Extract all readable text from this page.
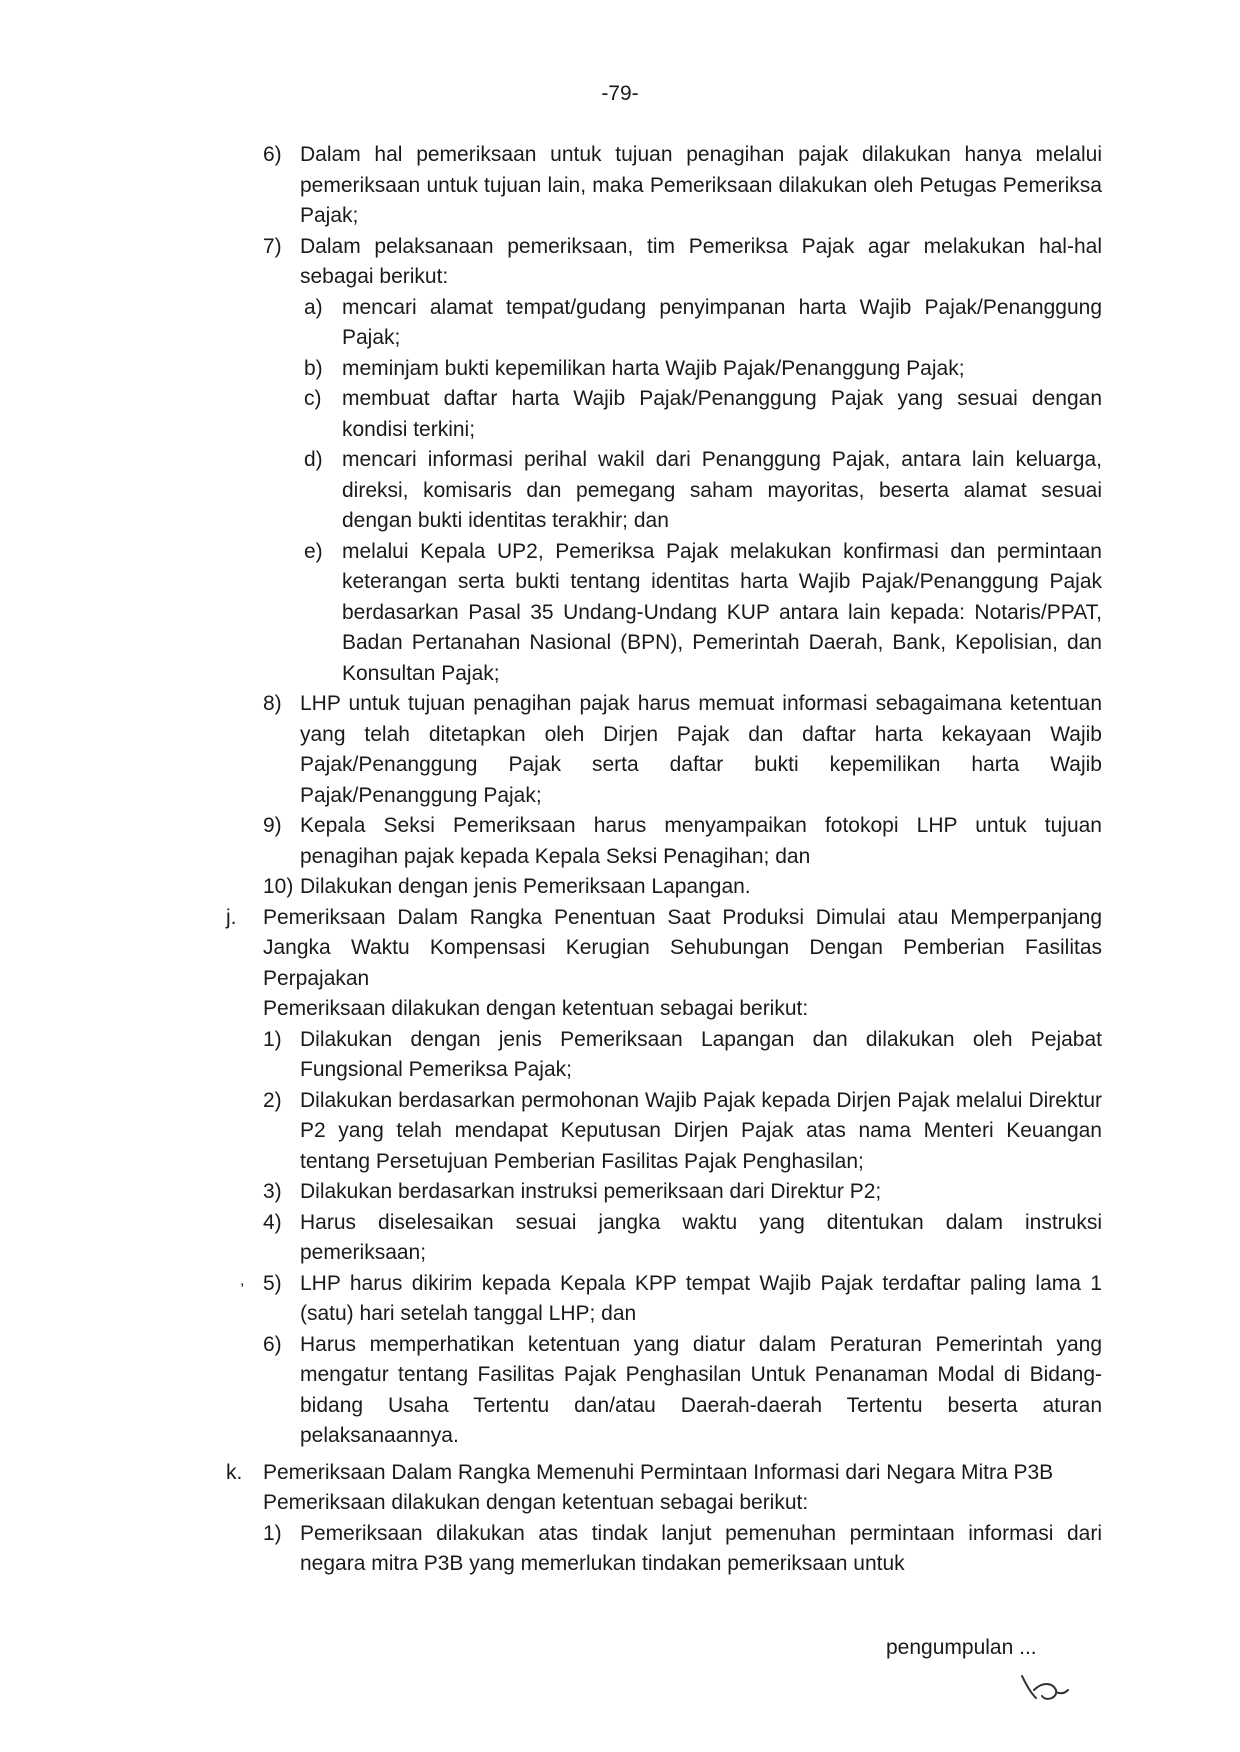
-79-
6) Dalam hal pemeriksaan untuk tujuan penagihan pajak dilakukan hanya melalui pemeriksaan untuk tujuan lain, maka Pemeriksaan dilakukan oleh Petugas Pemeriksa Pajak;
7) Dalam pelaksanaan pemeriksaan, tim Pemeriksa Pajak agar melakukan hal-hal sebagai berikut:
a) mencari alamat tempat/gudang penyimpanan harta Wajib Pajak/Penanggung Pajak;
b) meminjam bukti kepemilikan harta Wajib Pajak/Penanggung Pajak;
c) membuat daftar harta Wajib Pajak/Penanggung Pajak yang sesuai dengan kondisi terkini;
d) mencari informasi perihal wakil dari Penanggung Pajak, antara lain keluarga, direksi, komisaris dan pemegang saham mayoritas, beserta alamat sesuai dengan bukti identitas terakhir; dan
e) melalui Kepala UP2, Pemeriksa Pajak melakukan konfirmasi dan permintaan keterangan serta bukti tentang identitas harta Wajib Pajak/Penanggung Pajak berdasarkan Pasal 35 Undang-Undang KUP antara lain kepada: Notaris/PPAT, Badan Pertanahan Nasional (BPN), Pemerintah Daerah, Bank, Kepolisian, dan Konsultan Pajak;
8) LHP untuk tujuan penagihan pajak harus memuat informasi sebagaimana ketentuan yang telah ditetapkan oleh Dirjen Pajak dan daftar harta kekayaan Wajib Pajak/Penanggung Pajak serta daftar bukti kepemilikan harta Wajib Pajak/Penanggung Pajak;
9) Kepala Seksi Pemeriksaan harus menyampaikan fotokopi LHP untuk tujuan penagihan pajak kepada Kepala Seksi Penagihan; dan
10) Dilakukan dengan jenis Pemeriksaan Lapangan.
j.	Pemeriksaan Dalam Rangka Penentuan Saat Produksi Dimulai atau Memperpanjang Jangka Waktu Kompensasi Kerugian Sehubungan Dengan Pemberian Fasilitas Perpajakan
Pemeriksaan dilakukan dengan ketentuan sebagai berikut:
1) Dilakukan dengan jenis Pemeriksaan Lapangan dan dilakukan oleh Pejabat Fungsional Pemeriksa Pajak;
2) Dilakukan berdasarkan permohonan Wajib Pajak kepada Dirjen Pajak melalui Direktur P2 yang telah mendapat Keputusan Dirjen Pajak atas nama Menteri Keuangan tentang Persetujuan Pemberian Fasilitas Pajak Penghasilan;
3) Dilakukan berdasarkan instruksi pemeriksaan dari Direktur P2;
4) Harus diselesaikan sesuai jangka waktu yang ditentukan dalam instruksi pemeriksaan;
5) LHP harus dikirim kepada Kepala KPP tempat Wajib Pajak terdaftar paling lama 1 (satu) hari setelah tanggal LHP; dan
6) Harus memperhatikan ketentuan yang diatur dalam Peraturan Pemerintah yang mengatur tentang Fasilitas Pajak Penghasilan Untuk Penanaman Modal di Bidang-bidang Usaha Tertentu dan/atau Daerah-daerah Tertentu beserta aturan pelaksanaannya.
k. Pemeriksaan Dalam Rangka Memenuhi Permintaan Informasi dari Negara Mitra P3B
Pemeriksaan dilakukan dengan ketentuan sebagai berikut:
1) Pemeriksaan dilakukan atas tindak lanjut pemenuhan permintaan informasi dari negara mitra P3B yang memerlukan tindakan pemeriksaan untuk
,
pengumpulan ...
